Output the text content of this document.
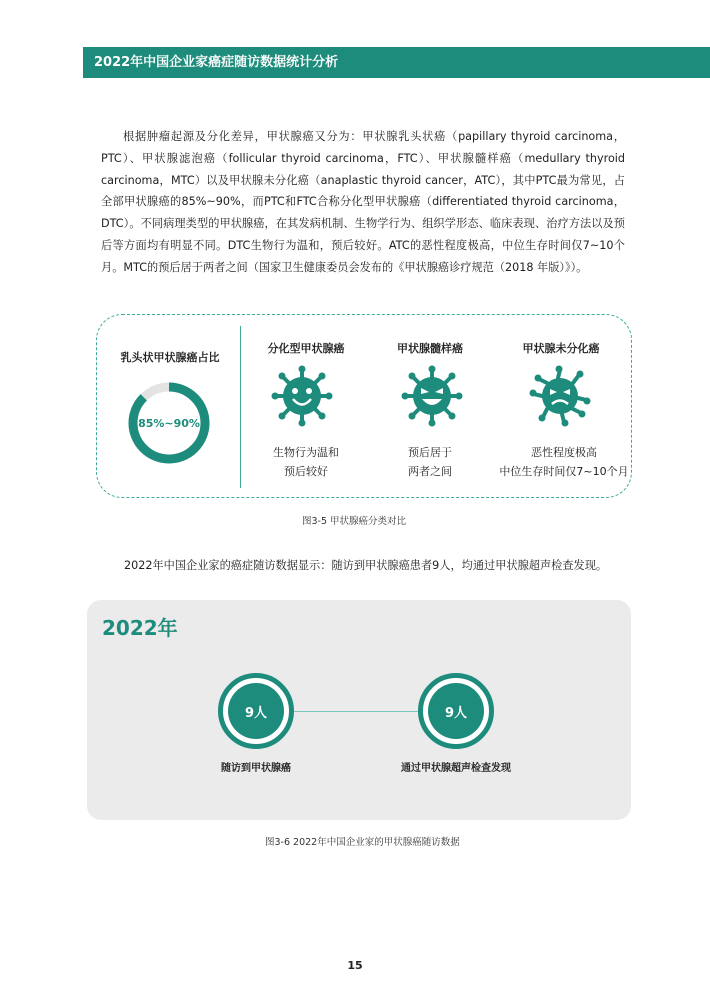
2022年中国企业家癌症随访数据统计分析

根据肿瘤起源及分化差异，甲状腺癌又分为：甲状腺乳头状癌（papillary thyroid carcinoma，PTC）、甲状腺滤泡癌（follicular thyroid carcinoma，FTC）、甲状腺髓样癌（medullary thyroid carcinoma，MTC）以及甲状腺未分化癌（anaplastic thyroid cancer，ATC），其中PTC最为常见，占全部甲状腺癌的85%~90%，而PTC和FTC合称分化型甲状腺癌（differentiated thyroid carcinoma，DTC）。不同病理类型的甲状腺癌，在其发病机制、生物学行为、组织学形态、临床表现、治疗方法以及预后等方面均有明显不同。DTC生物行为温和，预后较好。ATC的恶性程度极高，中位生存时间仅7~10个月。MTC的预后居于两者之间（国家卫生健康委员会发布的《甲状腺癌诊疗规范（2018 年版）》）。

乳头状甲状腺癌占比
85%~90%
分化型甲状腺癌
生物行为温和
预后较好
甲状腺髓样癌
预后居于
两者之间
甲状腺未分化癌
恶性程度极高
中位生存时间仅7~10个月
图3-5 甲状腺癌分类对比
2022年中国企业家的癌症随访数据显示：随访到甲状腺癌患者9人，均通过甲状腺超声检查发现。
2022年
9人	9人
随访到甲状腺癌	通过甲状腺超声检查发现
图3-6 2022年中国企业家的甲状腺癌随访数据
15
